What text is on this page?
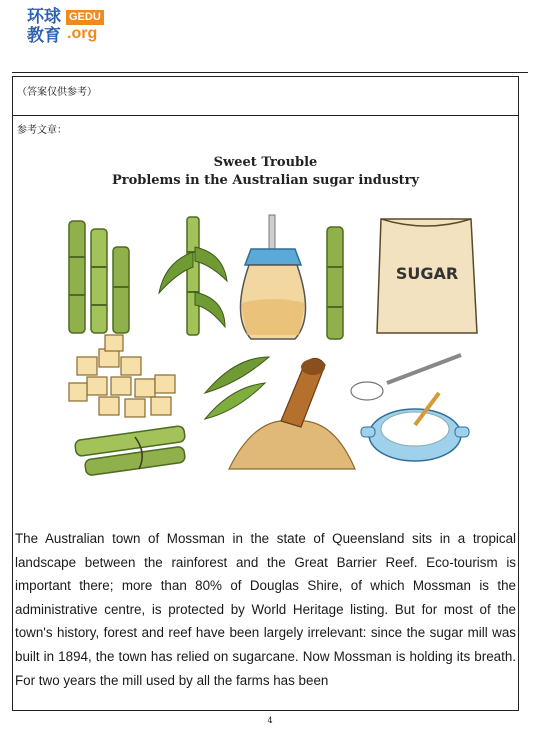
环球 GEDU
教育 .org
（答案仅供参考）
参考文章：
Sweet Trouble
Problems in the Australian sugar industry
SUGAR
The Australian town of Mossman in the state of Queensland sits in a tropical landscape between the rainforest and the Great Barrier Reef. Eco-tourism is important there; more than 80% of Douglas Shire, of which Mossman is the administrative centre, is protected by World Heritage listing. But for most of the town's history, forest and reef have been largely irrelevant: since the sugar mill was built in 1894, the town has relied on sugarcane. Now Mossman is holding its breath. For two years the mill used by all the farms has been
4
